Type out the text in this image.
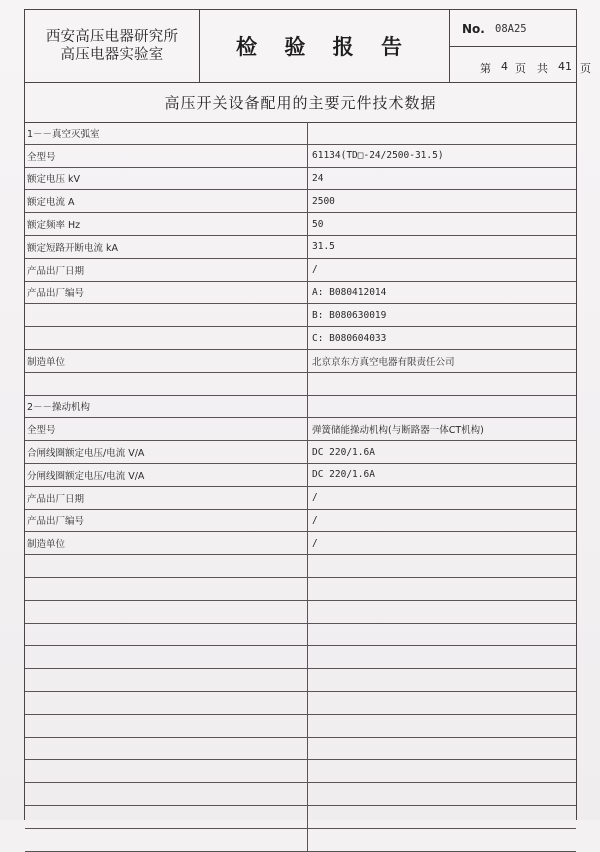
西安高压电器研究所
高压电器实验室	检 验 报 告
No. 08A25
第 4 页 共 41 页
高压开关设备配用的主要元件技术数据
1－－真空灭弧室
全型号	61134(TD□-24/2500-31.5)
额定电压 kV	24
额定电流 A	2500
额定频率 Hz	50
额定短路开断电流 kA	31.5
产品出厂日期	/
产品出厂编号	A: B080412014
B: B080630019
C: B080604033
制造单位	北京京东方真空电器有限责任公司
2－－操动机构
全型号	弹簧储能操动机构(与断路器一体CT机构)
合闸线圈额定电压/电流 V/A	DC 220/1.6A
分闸线圈额定电压/电流 V/A	DC 220/1.6A
产品出厂日期	/
产品出厂编号	/
制造单位	/
